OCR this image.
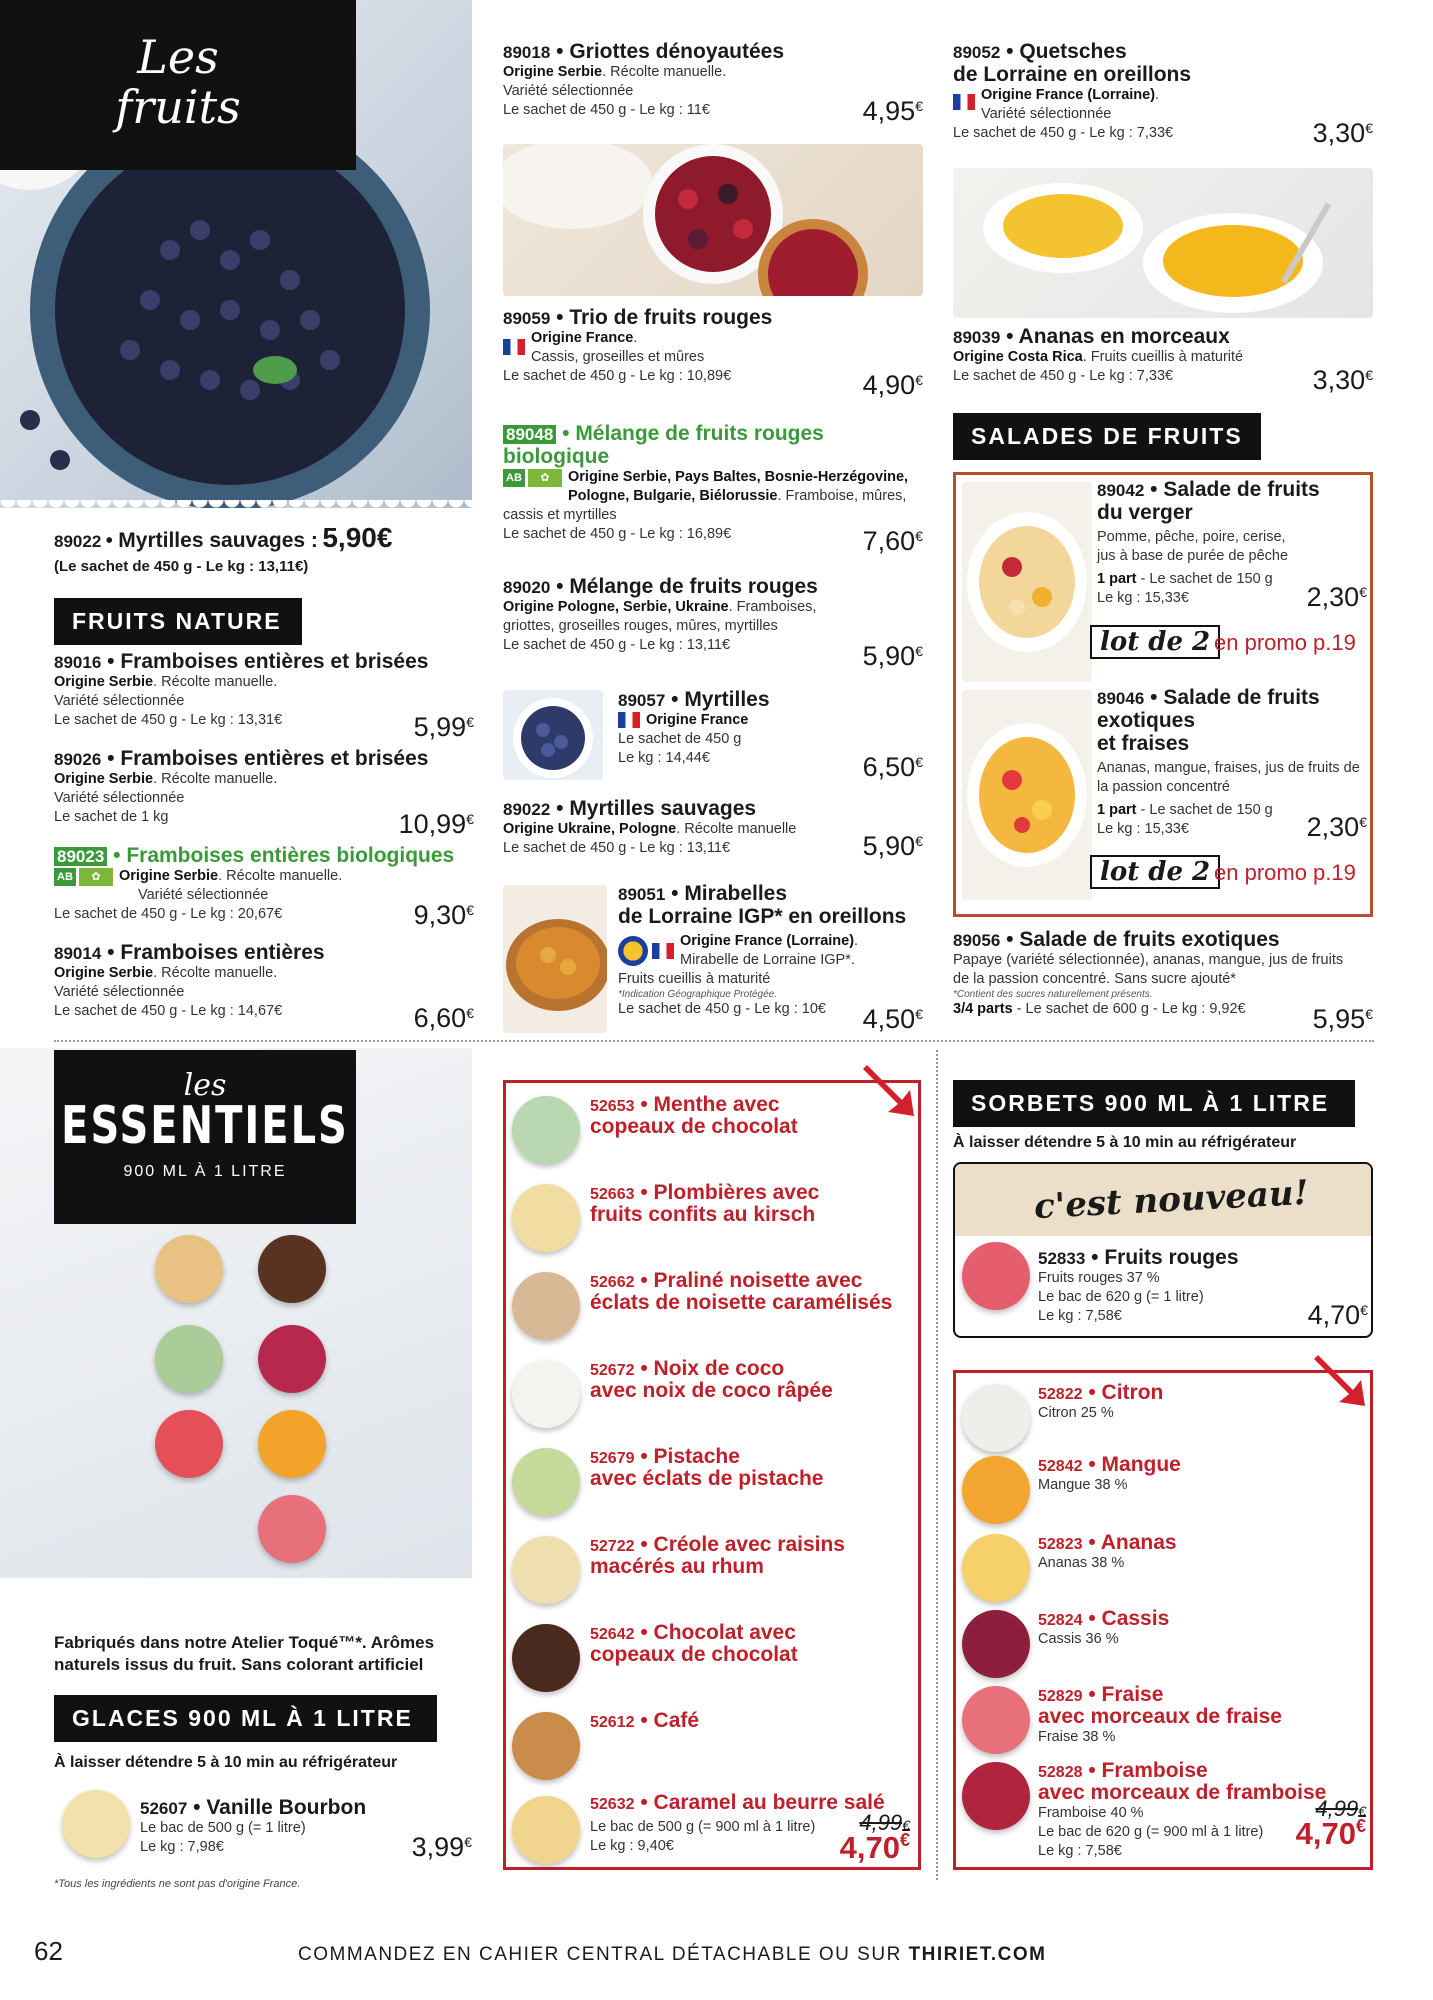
Les
fruits
89022 • Myrtilles sauvages : 5,90€
(Le sachet de 450 g - Le kg : 13,11€)
FRUITS NATURE
89016 • Framboises entières et brisées
Origine Serbie. Récolte manuelle.
Variété sélectionnée
Le sachet de 450 g - Le kg : 13,31€	5,99€
89026 • Framboises entières et brisées
Origine Serbie. Récolte manuelle.
Variété sélectionnée
Le sachet de 1 kg	10,99€
89023 • Framboises entières biologiques
AB ✿ Origine Serbie. Récolte manuelle.
Variété sélectionnée
Le sachet de 450 g - Le kg : 20,67€	9,30€
89014 • Framboises entières
Origine Serbie. Récolte manuelle.
Variété sélectionnée
Le sachet de 450 g - Le kg : 14,67€	6,60€
89018 • Griottes dénoyautées
Origine Serbie. Récolte manuelle.
Variété sélectionnée
Le sachet de 450 g - Le kg : 11€	4,95€
89059 • Trio de fruits rouges
Origine France.
Cassis, groseilles et mûres
Le sachet de 450 g - Le kg : 10,89€	4,90€
89048 • Mélange de fruits rouges
biologique
AB ✿	Origine Serbie, Pays Baltes, Bosnie-Herzégovine,
Pologne, Bulgarie, Biélorussie. Framboise, mûres,
cassis et myrtilles
Le sachet de 450 g - Le kg : 16,89€	7,60€
89020 • Mélange de fruits rouges
Origine Pologne, Serbie, Ukraine. Framboises,
griottes, groseilles rouges, mûres, myrtilles
Le sachet de 450 g - Le kg : 13,11€	5,90€
89057 • Myrtilles
Origine France
Le sachet de 450 g
Le kg : 14,44€	6,50€
89022 • Myrtilles sauvages
Origine Ukraine, Pologne. Récolte manuelle
Le sachet de 450 g - Le kg : 13,11€	5,90€
89051 • Mirabelles
de Lorraine IGP* en oreillons
Origine France (Lorraine).
Mirabelle de Lorraine IGP*.
Fruits cueillis à maturité
*Indication Géographique Protégée.
Le sachet de 450 g - Le kg : 10€	4,50€
89052 • Quetsches
de Lorraine en oreillons
Origine France (Lorraine).
Variété sélectionnée
Le sachet de 450 g - Le kg : 7,33€	3,30€
89039 • Ananas en morceaux
Origine Costa Rica. Fruits cueillis à maturité
Le sachet de 450 g - Le kg : 7,33€	3,30€
SALADES DE FRUITS
89042 • Salade de fruits
du verger
Pomme, pêche, poire, cerise,
jus à base de purée de pêche
1 part - Le sachet de 150 g
Le kg : 15,33€	2,30€
lot de 2 en promo p.19
89046 • Salade de fruits
exotiques
et fraises
Ananas, mangue, fraises, jus de fruits de
la passion concentré
1 part - Le sachet de 150 g
Le kg : 15,33€	2,30€
lot de 2 en promo p.19
89056 • Salade de fruits exotiques
Papaye (variété sélectionnée), ananas, mangue, jus de fruits
de la passion concentré. Sans sucre ajouté*
*Contient des sucres naturellement présents.
3/4 parts - Le sachet de 600 g - Le kg : 9,92€	5,95€
les
ESSENTIELS
900 ML À 1 LITRE
Fabriqués dans notre Atelier Toqué™*. Arômes naturels issus du fruit. Sans colorant artificiel
GLACES 900 ML À 1 LITRE
À laisser détendre 5 à 10 min au réfrigérateur
52607 • Vanille Bourbon
Le bac de 500 g (= 1 litre)
Le kg : 7,98€	3,99€
*Tous les ingrédients ne sont pas d'origine France.
52653 • Menthe avec
copeaux de chocolat
52663 • Plombières avec
fruits confits au kirsch
52662 • Praliné noisette avec
éclats de noisette caramélisés
52672 • Noix de coco
avec noix de coco râpée
52679 • Pistache
avec éclats de pistache
52722 • Créole avec raisins
macérés au rhum
52642 • Chocolat avec
copeaux de chocolat
52612 • Café
52632 • Caramel au beurre salé
Le bac de 500 g (= 900 ml à 1 litre)
Le kg : 9,40€
4,99€
4,70€
SORBETS 900 ML À 1 LITRE
À laisser détendre 5 à 10 min au réfrigérateur
c'est nouveau!
52833 • Fruits rouges
Fruits rouges 37 %
Le bac de 620 g (= 1 litre)
Le kg : 7,58€	4,70€
52822 • Citron
Citron 25 %
52842 • Mangue
Mangue 38 %
52823 • Ananas
Ananas 38 %
52824 • Cassis
Cassis 36 %
52829 • Fraise
avec morceaux de fraise
Fraise 38 %
52828 • Framboise
avec morceaux de framboise
Framboise 40 %
Le bac de 620 g (= 900 ml à 1 litre)
Le kg : 7,58€
4,99€
4,70€
62	COMMANDEZ EN CAHIER CENTRAL DÉTACHABLE OU SUR THIRIET.COM
